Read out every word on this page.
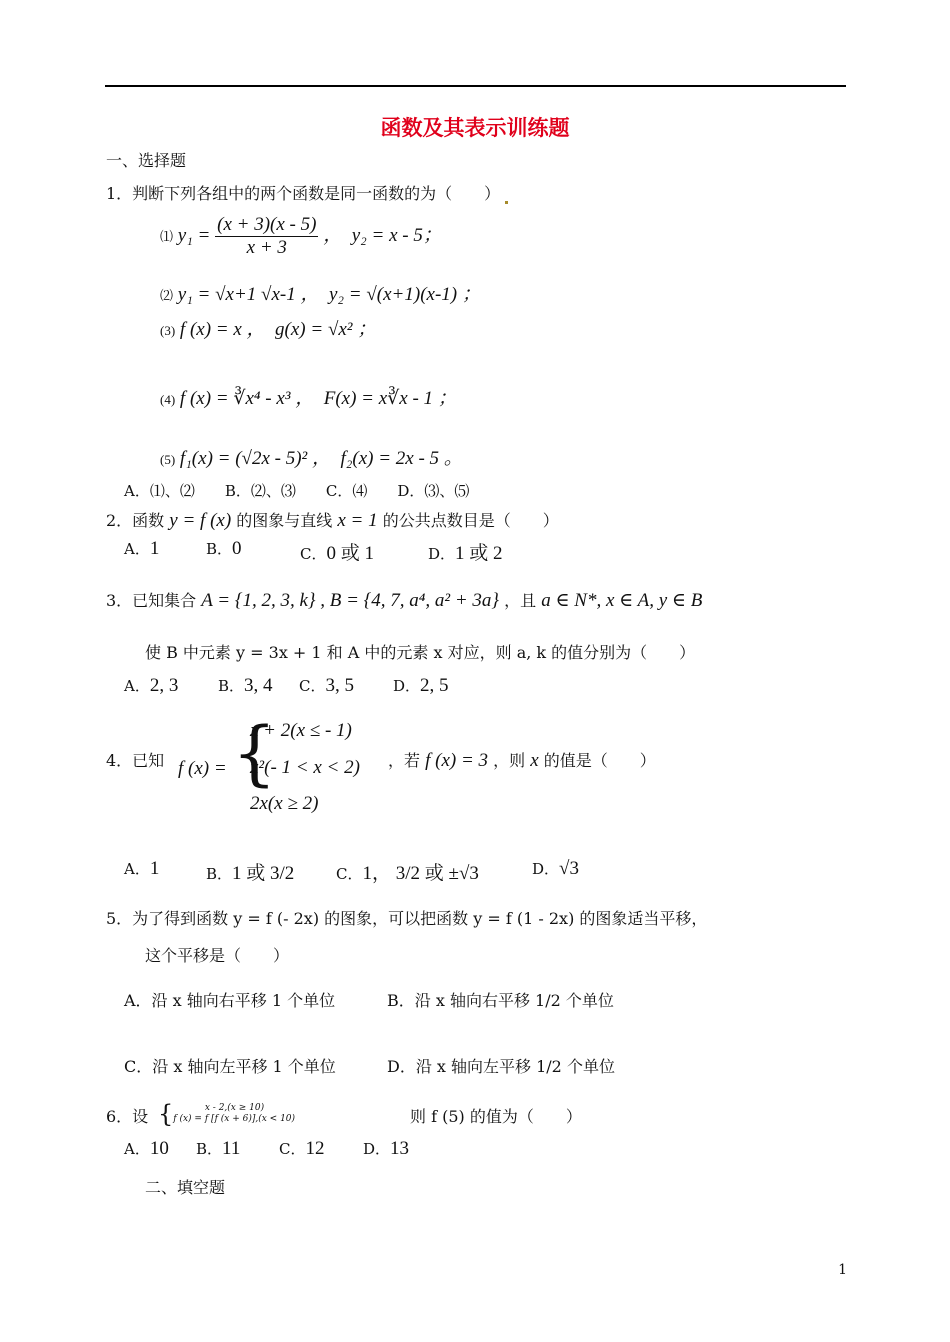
函数及其表示训练题
一、选择题
1．判断下列各组中的两个函数是同一函数的为（　　）
⑴ $y_1 = \frac{(x + 3)(x - 5)}{x + 3}$ ，　y₂ = x - 5；
⑵ y₁ = √x+1 √x-1 ，　y₂ = √(x+1)(x-1) ；
(3) f (x) = x ，　g(x) = √x² ；
(4) f (x) = ∛x⁴ - x³ ，　F(x) = x∛x - 1 ；
(5) f₁(x) = (√2x - 5)² ，　f₂(x) = 2x - 5 。
A．⑴、⑵　　B．⑵、⑶　　C．⑷　　D．⑶、⑸
2．函数 y = f (x) 的图象与直线 x = 1 的公共点数目是（　　）
A．1	B．0	C．0 或 1	D．1 或 2
3．已知集合 A = {1, 2, 3, k} , B = {4, 7, a⁴, a² + 3a} ，且 a ∈ N*, x ∈ A, y ∈ B
使 B 中元素 y = 3x + 1 和 A 中的元素 x 对应，则 a, k 的值分别为（　　）
A．2, 3	B．3, 4 C．3, 5	D．2, 5
4．已知 f (x) = {
x + 2(x ≤ - 1)
x²(- 1 < x < 2)
2x(x ≥ 2)
，若 f (x) = 3 ，则 x 的值是（　　）
A．1	B．1 或 3/2	C．1， 3/2 或 ±√3	D．√3
5．为了得到函数 y = f (- 2x) 的图象，可以把函数 y = f (1 - 2x) 的图象适当平移，
这个平移是（　　）
A．沿 x 轴向右平移 1 个单位	B．沿 x 轴向右平移 1/2 个单位
C．沿 x 轴向左平移 1 个单位	D．沿 x 轴向左平移 1/2 个单位
6．设 { f (x) =

x - 2,(x ≥ 10)
f [f (x + 6)],(x < 10)	则 f (5) 的值为（　　）
A．10 B．11	C．12	D．13
二、填空题
1
